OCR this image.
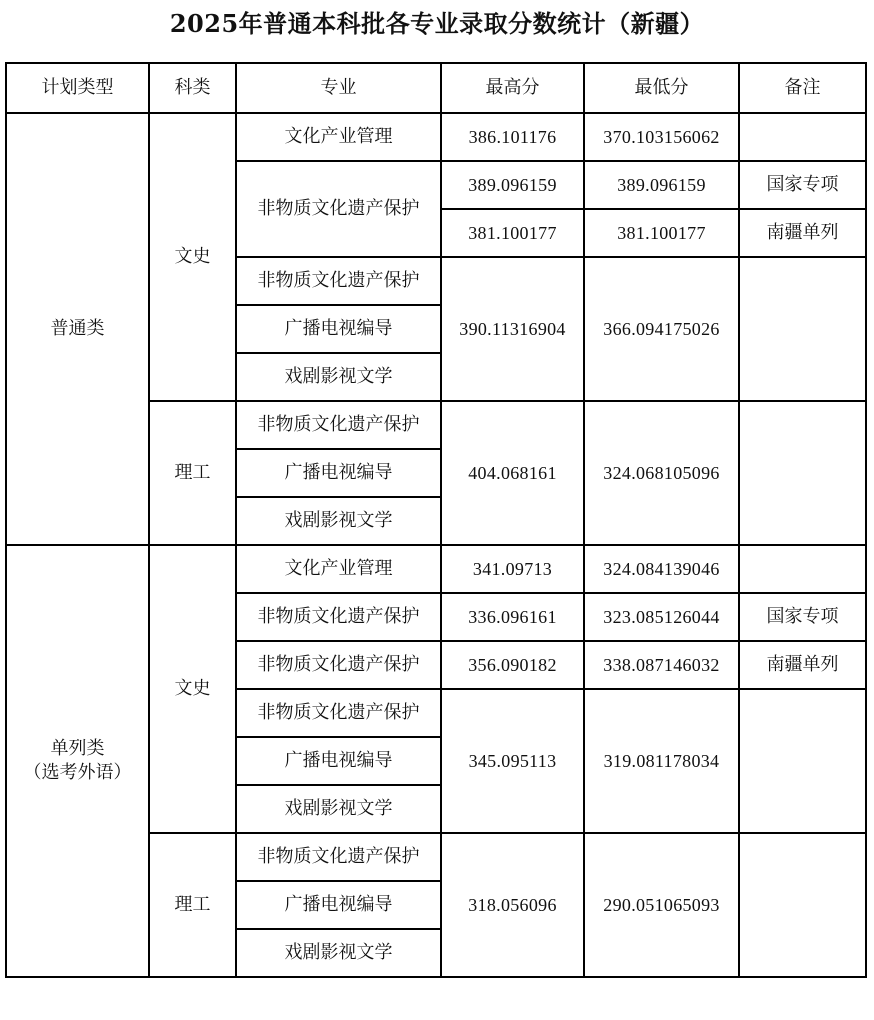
2025年普通本科批各专业录取分数统计（新疆）
计划类型	科类	专业	最高分	最低分	备注
普通类	文史	文化产业管理	386.101176	370.103156062	
		非物质文化遗产保护	389.096159	389.096159	国家专项
			381.100177	381.100177	南疆单列
		非物质文化遗产保护	390.11316904	366.094175026	
		广播电视编导			
		戏剧影视文学			
	理工	非物质文化遗产保护	404.068161	324.068105096	
		广播电视编导			
		戏剧影视文学			

单列类
（选考外语）	文史	文化产业管理	341.09713	324.084139046	
		非物质文化遗产保护	336.096161	323.085126044	国家专项
		非物质文化遗产保护	356.090182	338.087146032	南疆单列
		非物质文化遗产保护	345.095113	319.081178034	
		广播电视编导			
		戏剧影视文学			
	理工	非物质文化遗产保护	318.056096	290.051065093	
		广播电视编导			
		戏剧影视文学			
